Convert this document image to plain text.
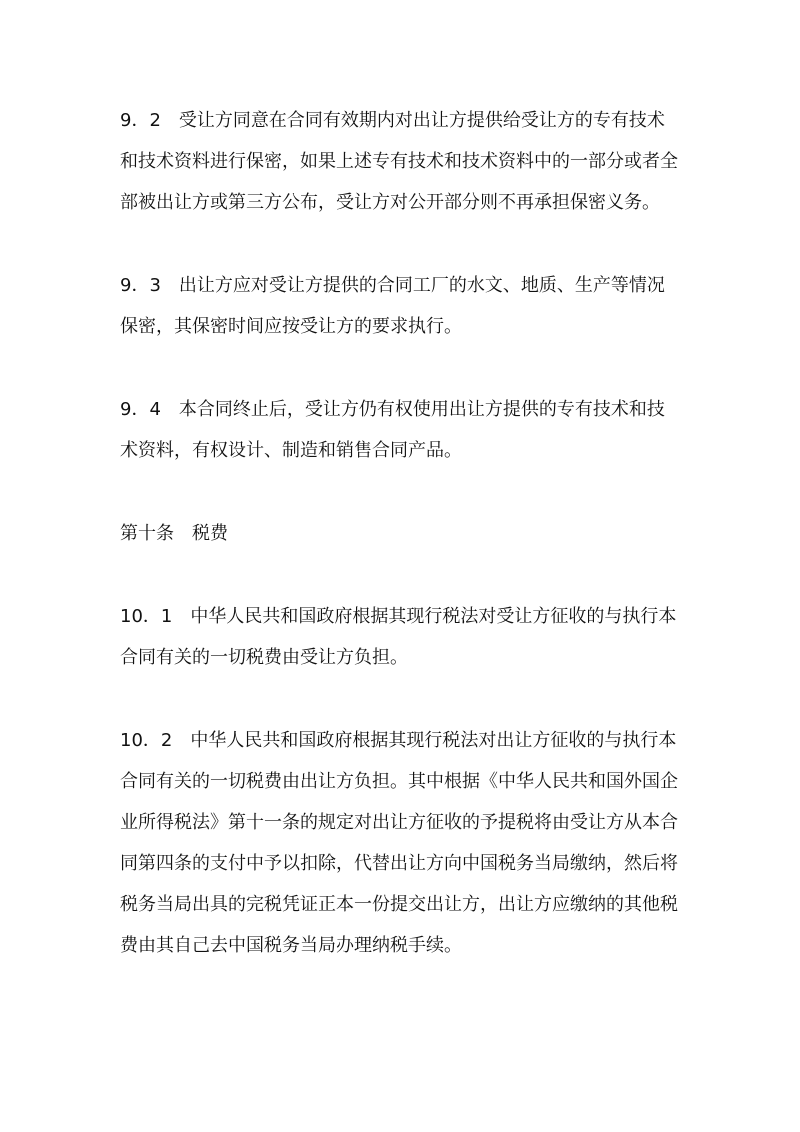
9．2　受让方同意在合同有效期内对出让方提供给受让方的专有技术和技术资料进行保密，如果上述专有技术和技术资料中的一部分或者全部被出让方或第三方公布，受让方对公开部分则不再承担保密义务。

9．3　出让方应对受让方提供的合同工厂的水文、地质、生产等情况保密，其保密时间应按受让方的要求执行。

9．4　本合同终止后，受让方仍有权使用出让方提供的专有技术和技术资料，有权设计、制造和销售合同产品。

第十条　税费

10．1　中华人民共和国政府根据其现行税法对受让方征收的与执行本合同有关的一切税费由受让方负担。

10．2　中华人民共和国政府根据其现行税法对出让方征收的与执行本合同有关的一切税费由出让方负担。其中根据《中华人民共和国外国企业所得税法》第十一条的规定对出让方征收的予提税将由受让方从本合同第四条的支付中予以扣除，代替出让方向中国税务当局缴纳，然后将税务当局出具的完税凭证正本一份提交出让方，出让方应缴纳的其他税费由其自己去中国税务当局办理纳税手续。
